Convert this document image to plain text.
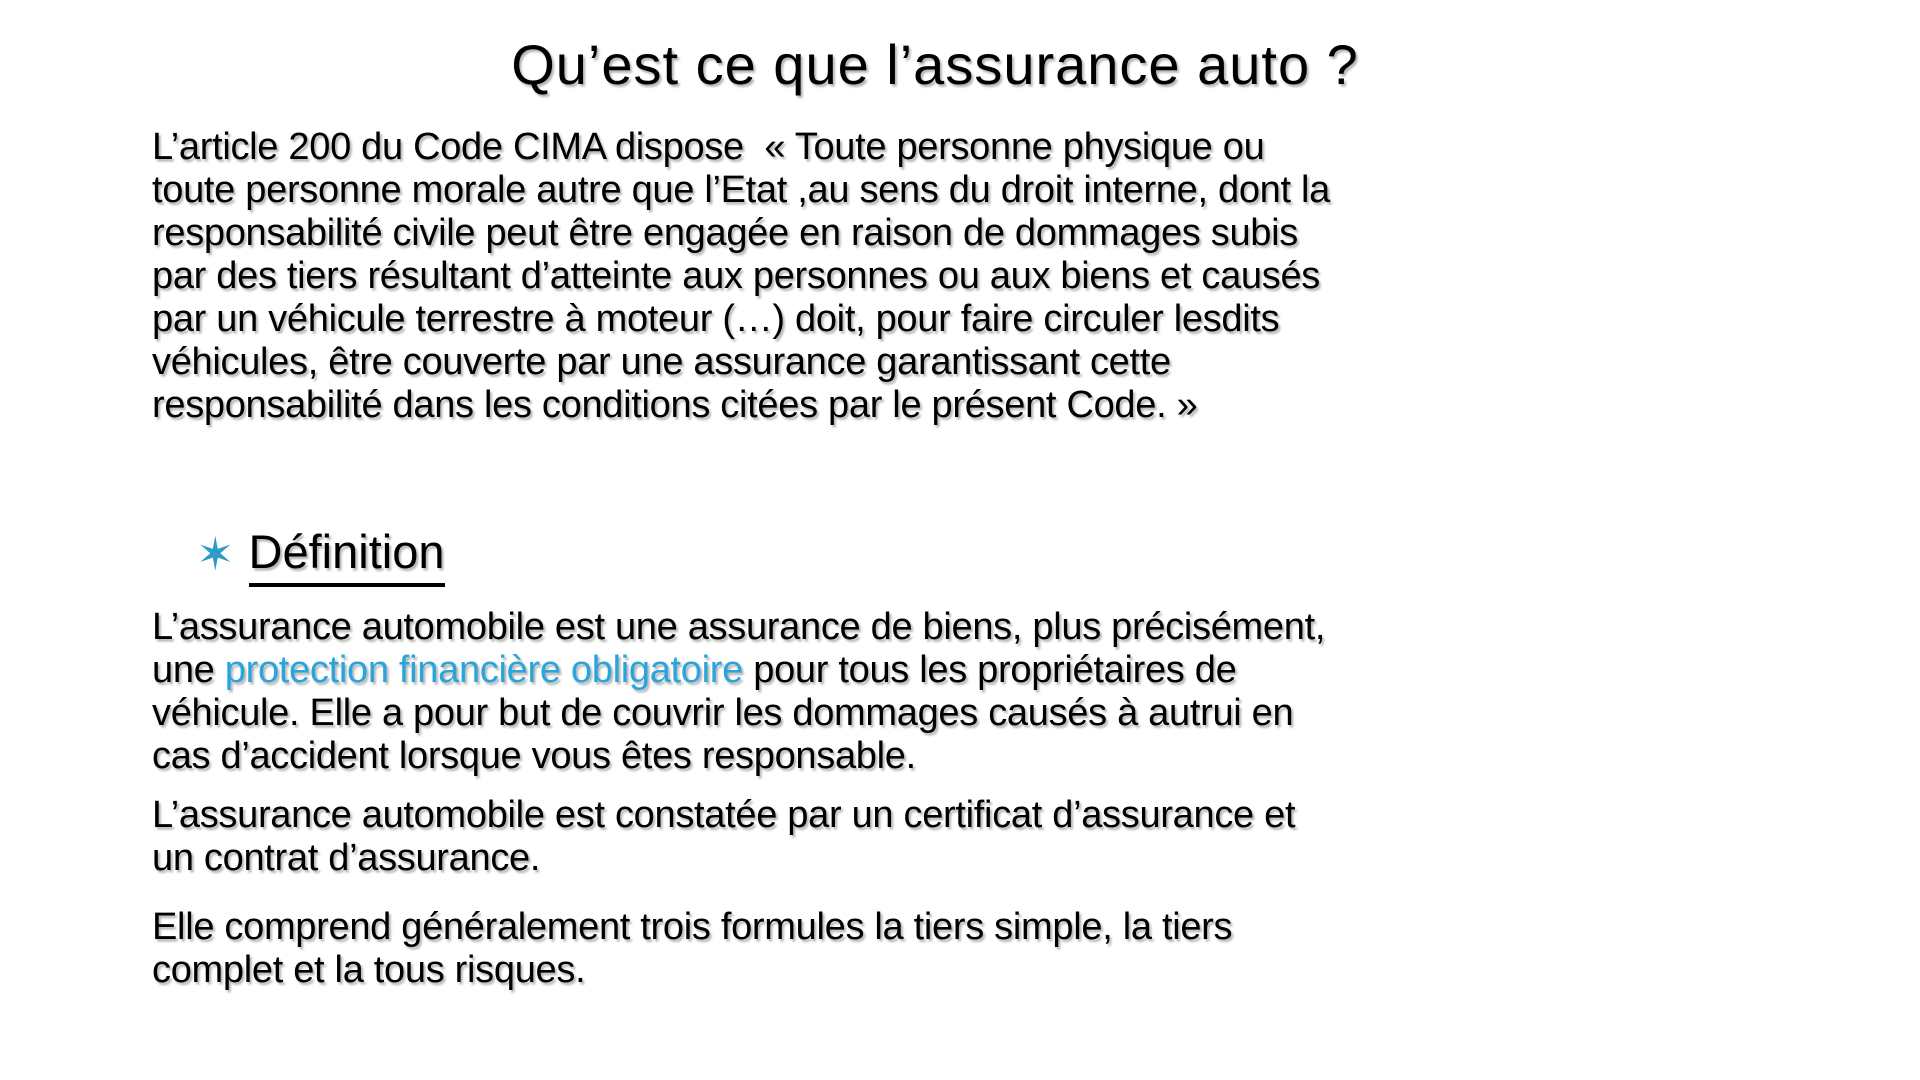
Qu’est ce que l’assurance auto ?
L’article 200 du Code CIMA dispose  « Toute personne physique ou
toute personne morale autre que l’Etat ,au sens du droit interne, dont la
responsabilité civile peut être engagée en raison de dommages subis
par des tiers résultant d’atteinte aux personnes ou aux biens et causés
par un véhicule terrestre à moteur (…) doit, pour faire circuler lesdits
véhicules, être couverte par une assurance garantissant cette
responsabilité dans les conditions citées par le présent Code. »
✶ Définition
L’assurance automobile est une assurance de biens, plus précisément,
une protection financière obligatoire pour tous les propriétaires de
véhicule. Elle a pour but de couvrir les dommages causés à autrui en
cas d’accident lorsque vous êtes responsable.
L’assurance automobile est constatée par un certificat d’assurance et
un contrat d’assurance.
Elle comprend généralement trois formules la tiers simple, la tiers
complet et la tous risques.
